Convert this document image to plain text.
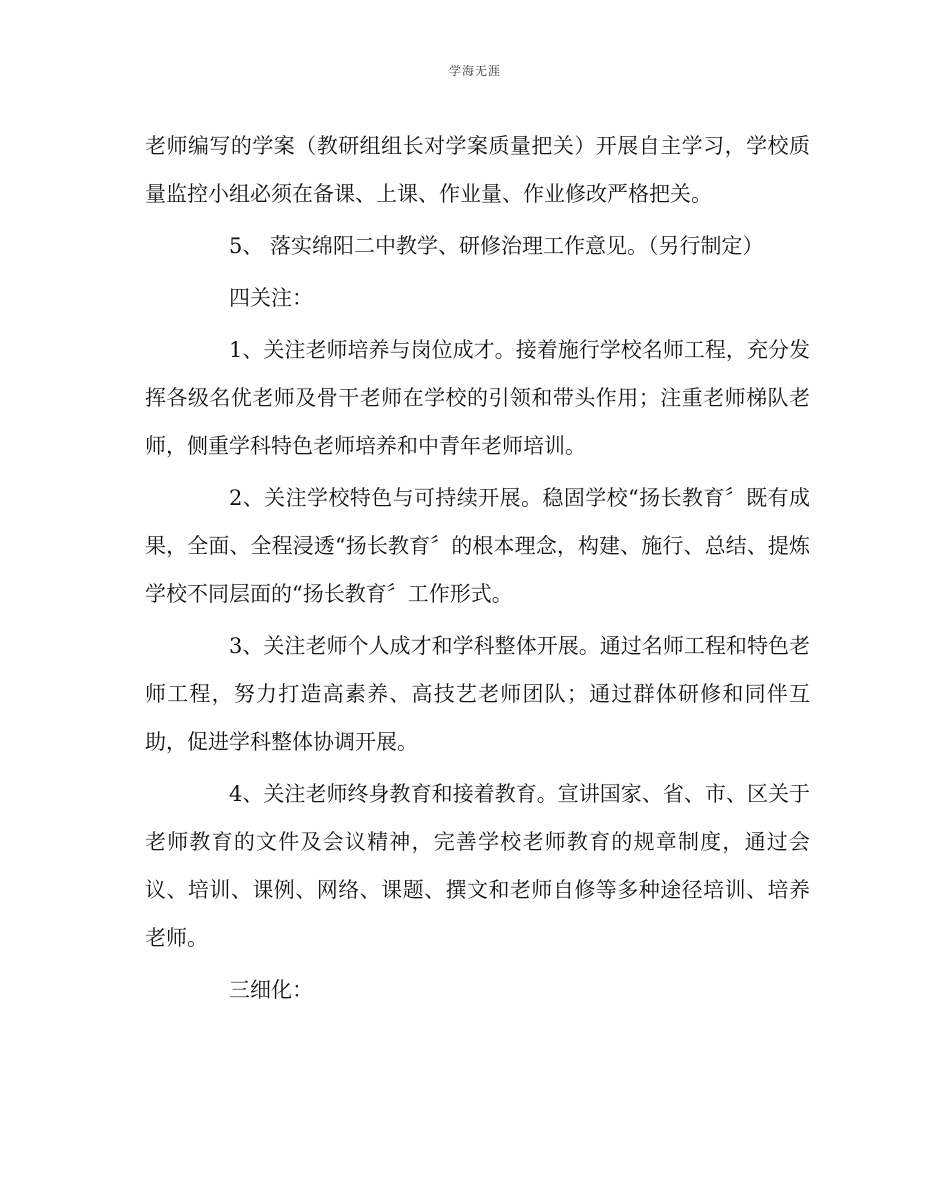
学海无涯

老师编写的学案（教研组组长对学案质量把关）开展自主学习，学校质量监控小组必须在备课、上课、作业量、作业修改严格把关。

5、 落实绵阳二中教学、研修治理工作意见。（另行制定）

四关注：

1、关注老师培养与岗位成才。接着施行学校名师工程，充分发挥各级名优老师及骨干老师在学校的引领和带头作用；注重老师梯队老师，侧重学科特色老师培养和中青年老师培训。

2、关注学校特色与可持续开展。稳固学校“扬长教育〞既有成果，全面、全程浸透“扬长教育〞的根本理念，构建、施行、总结、提炼学校不同层面的“扬长教育〞工作形式。

3、关注老师个人成才和学科整体开展。通过名师工程和特色老师工程，努力打造高素养、高技艺老师团队；通过群体研修和同伴互助，促进学科整体协调开展。

4、关注老师终身教育和接着教育。宣讲国家、省、市、区关于老师教育的文件及会议精神，完善学校老师教育的规章制度，通过会议、培训、课例、网络、课题、撰文和老师自修等多种途径培训、培养老师。

三细化：
